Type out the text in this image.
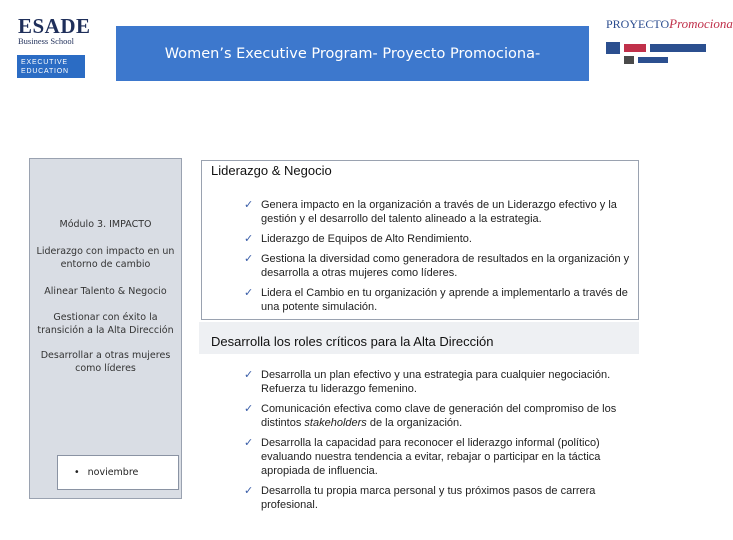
ESADE
Business School
EXECUTIVE
EDUCATION
Women’s Executive Program- Proyecto Promociona-
PROYECTOPromociona
Módulo 3. IMPACTO
Liderazgo con impacto en un entorno de cambio
Alinear Talento & Negocio
Gestionar con éxito la transición a la Alta Dirección
Desarrollar a otras mujeres como líderes
• noviembre
Liderazgo & Negocio
✓ Genera impacto en la organización a través de un Liderazgo efectivo y la gestión y el desarrollo del talento alineado a la estrategia.
✓ Liderazgo de Equipos de Alto Rendimiento.
✓ Gestiona la diversidad como generadora de resultados en la organización y desarrolla a otras mujeres como líderes.
✓ Lidera el Cambio en tu organización y aprende a implementarlo a través de una potente simulación.
Desarrolla los roles críticos para la Alta Dirección
✓ Desarrolla un plan efectivo y una estrategia para cualquier negociación. Refuerza tu liderazgo femenino.
✓ Comunicación efectiva como clave de generación del compromiso de los distintos stakeholders de la organización.
✓ Desarrolla la capacidad para reconocer el liderazgo informal (político) evaluando nuestra tendencia a evitar, rebajar o participar en la táctica apropiada de influencia.
✓ Desarrolla tu propia marca personal y tus próximos pasos de carrera profesional.
